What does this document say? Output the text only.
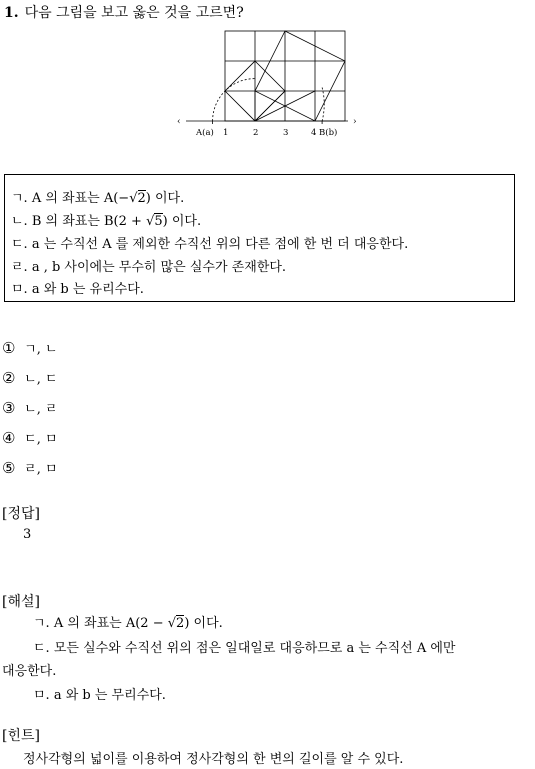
1. 다음 그림을 보고 옳은 것을 고르면?
‹	›
A(a) 1	2	3	4 B(b)
ㄱ. A 의 좌표는 A(−√2) 이다.
ㄴ. B 의 좌표는 B(2 + √5) 이다.
ㄷ. a 는 수직선 A 를 제외한 수직선 위의 다른 점에 한 번 더 대응한다.
ㄹ. a , b 사이에는 무수히 많은 실수가 존재한다.
ㅁ. a 와 b 는 유리수다.
① ㄱ, ㄴ
② ㄴ, ㄷ
③ ㄴ, ㄹ
④ ㄷ, ㅁ
⑤ ㄹ, ㅁ
[정답]
3
[해설]
ㄱ. A 의 좌표는 A(2 − √2) 이다.
ㄷ. 모든 실수와 수직선 위의 점은 일대일로 대응하므로 a 는 수직선 A 에만
대응한다.
ㅁ. a 와 b 는 무리수다.
[힌트]
정사각형의 넓이를 이용하여 정사각형의 한 변의 길이를 알 수 있다.
